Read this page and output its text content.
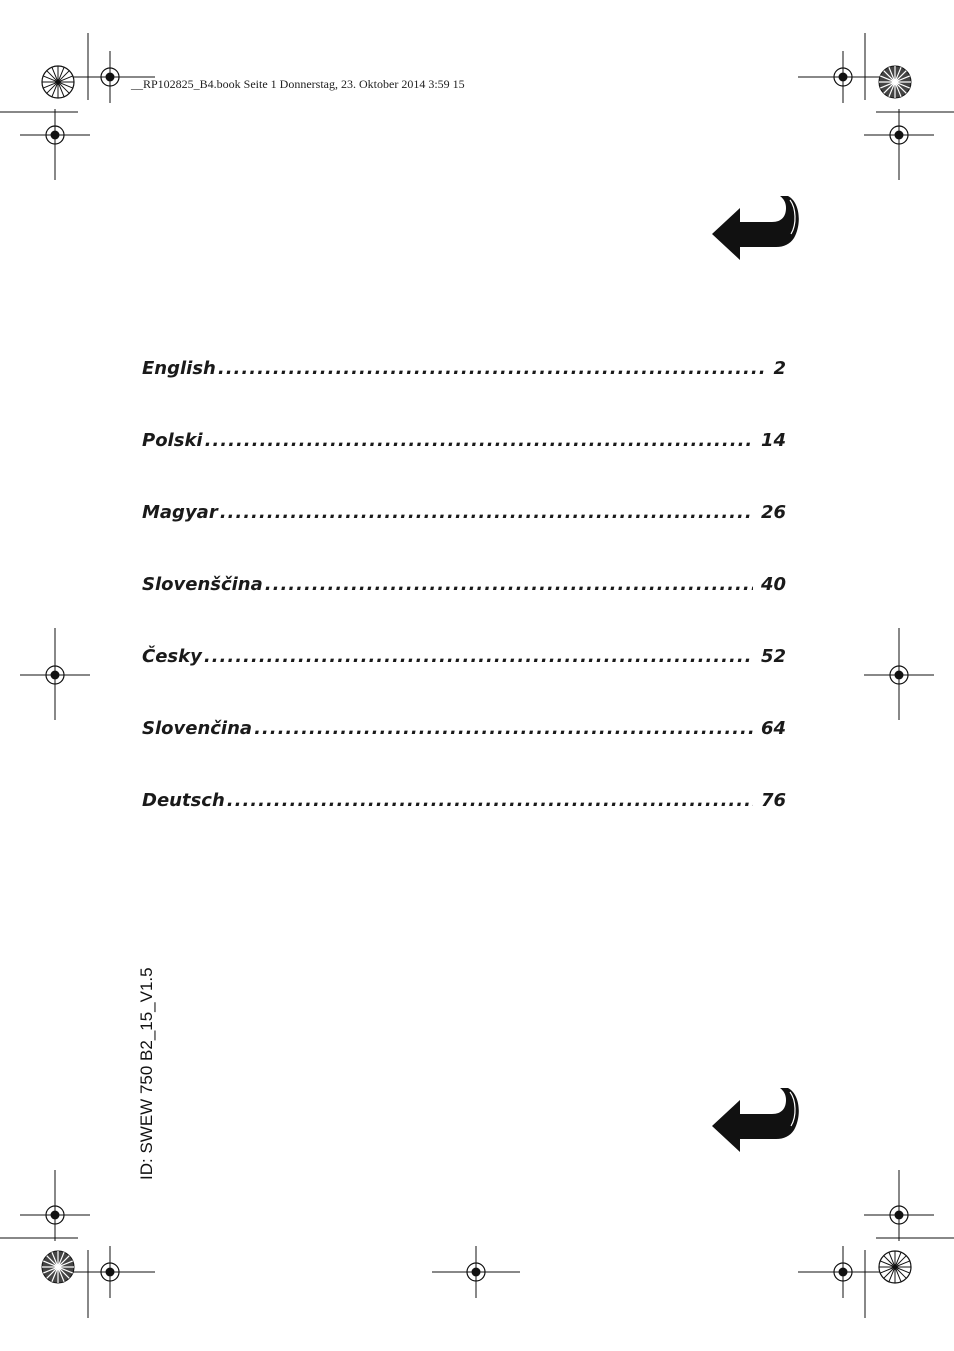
__RP102825_B4.book Seite 1 Donnerstag, 23. Oktober 2014 3:59 15
English .....	2
Polski .....	14
Magyar .....	26
Slovenščina .....	40
Česky .....	52
Slovenčina .....	64
Deutsch .....	76
ID: SWEW 750 B2_15_V1.5
